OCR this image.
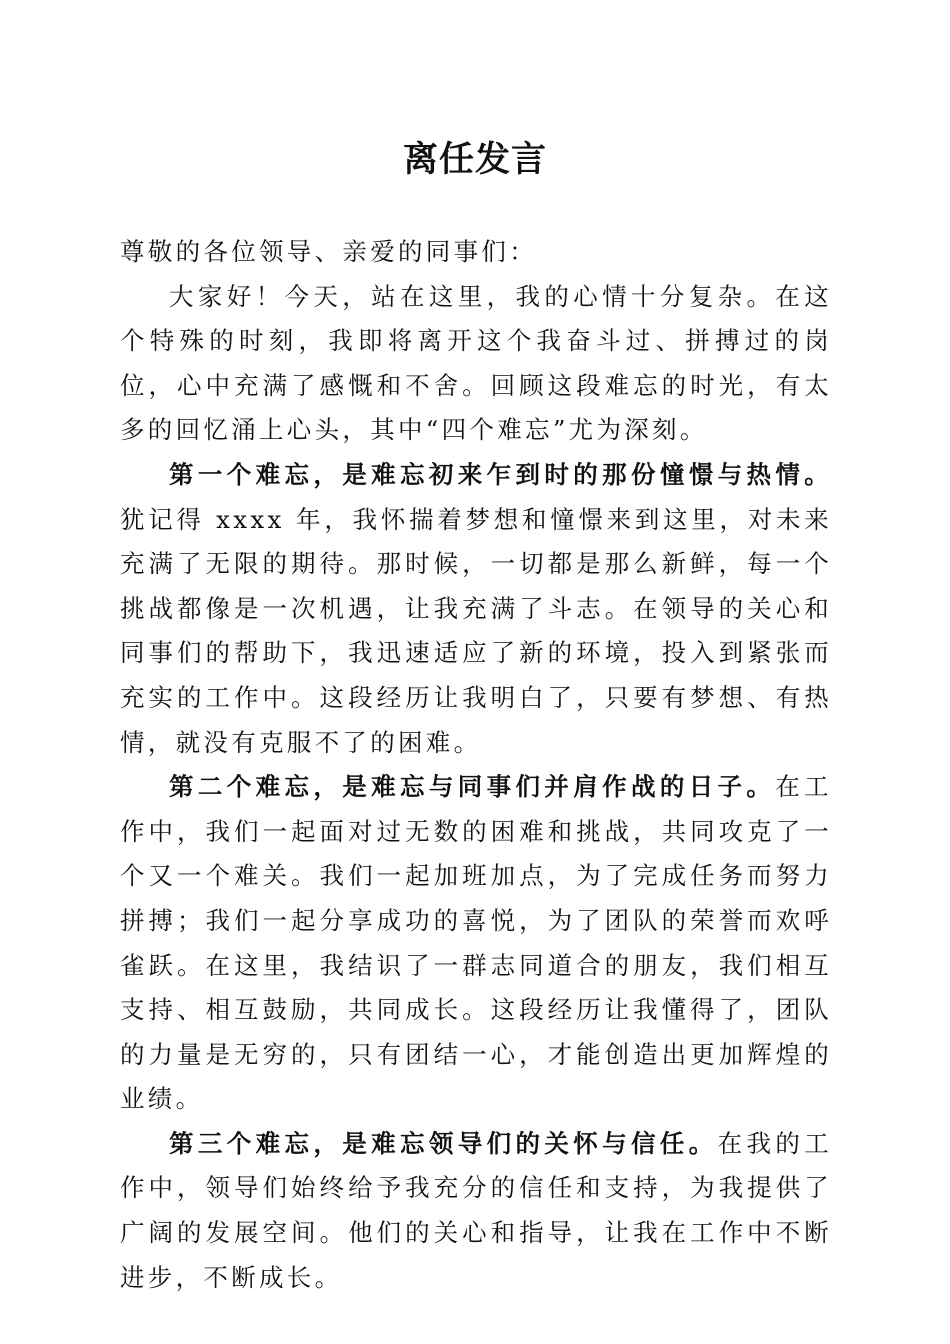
离任发言

尊敬的各位领导、亲爱的同事们：

大家好！今天，站在这里，我的心情十分复杂。在这个特殊的时刻，我即将离开这个我奋斗过、拼搏过的岗位，心中充满了感慨和不舍。回顾这段难忘的时光，有太多的回忆涌上心头，其中“四个难忘”尤为深刻。

第一个难忘，是难忘初来乍到时的那份憧憬与热情。犹记得 xxxx 年，我怀揣着梦想和憧憬来到这里，对未来充满了无限的期待。那时候，一切都是那么新鲜，每一个挑战都像是一次机遇，让我充满了斗志。在领导的关心和同事们的帮助下，我迅速适应了新的环境，投入到紧张而充实的工作中。这段经历让我明白了，只要有梦想、有热情，就没有克服不了的困难。

第二个难忘，是难忘与同事们并肩作战的日子。在工作中，我们一起面对过无数的困难和挑战，共同攻克了一个又一个难关。我们一起加班加点，为了完成任务而努力拼搏；我们一起分享成功的喜悦，为了团队的荣誉而欢呼雀跃。在这里，我结识了一群志同道合的朋友，我们相互支持、相互鼓励，共同成长。这段经历让我懂得了，团队的力量是无穷的，只有团结一心，才能创造出更加辉煌的业绩。

第三个难忘，是难忘领导们的关怀与信任。在我的工作中，领导们始终给予我充分的信任和支持，为我提供了广阔的发展空间。他们的关心和指导，让我在工作中不断进步，不断成长。
